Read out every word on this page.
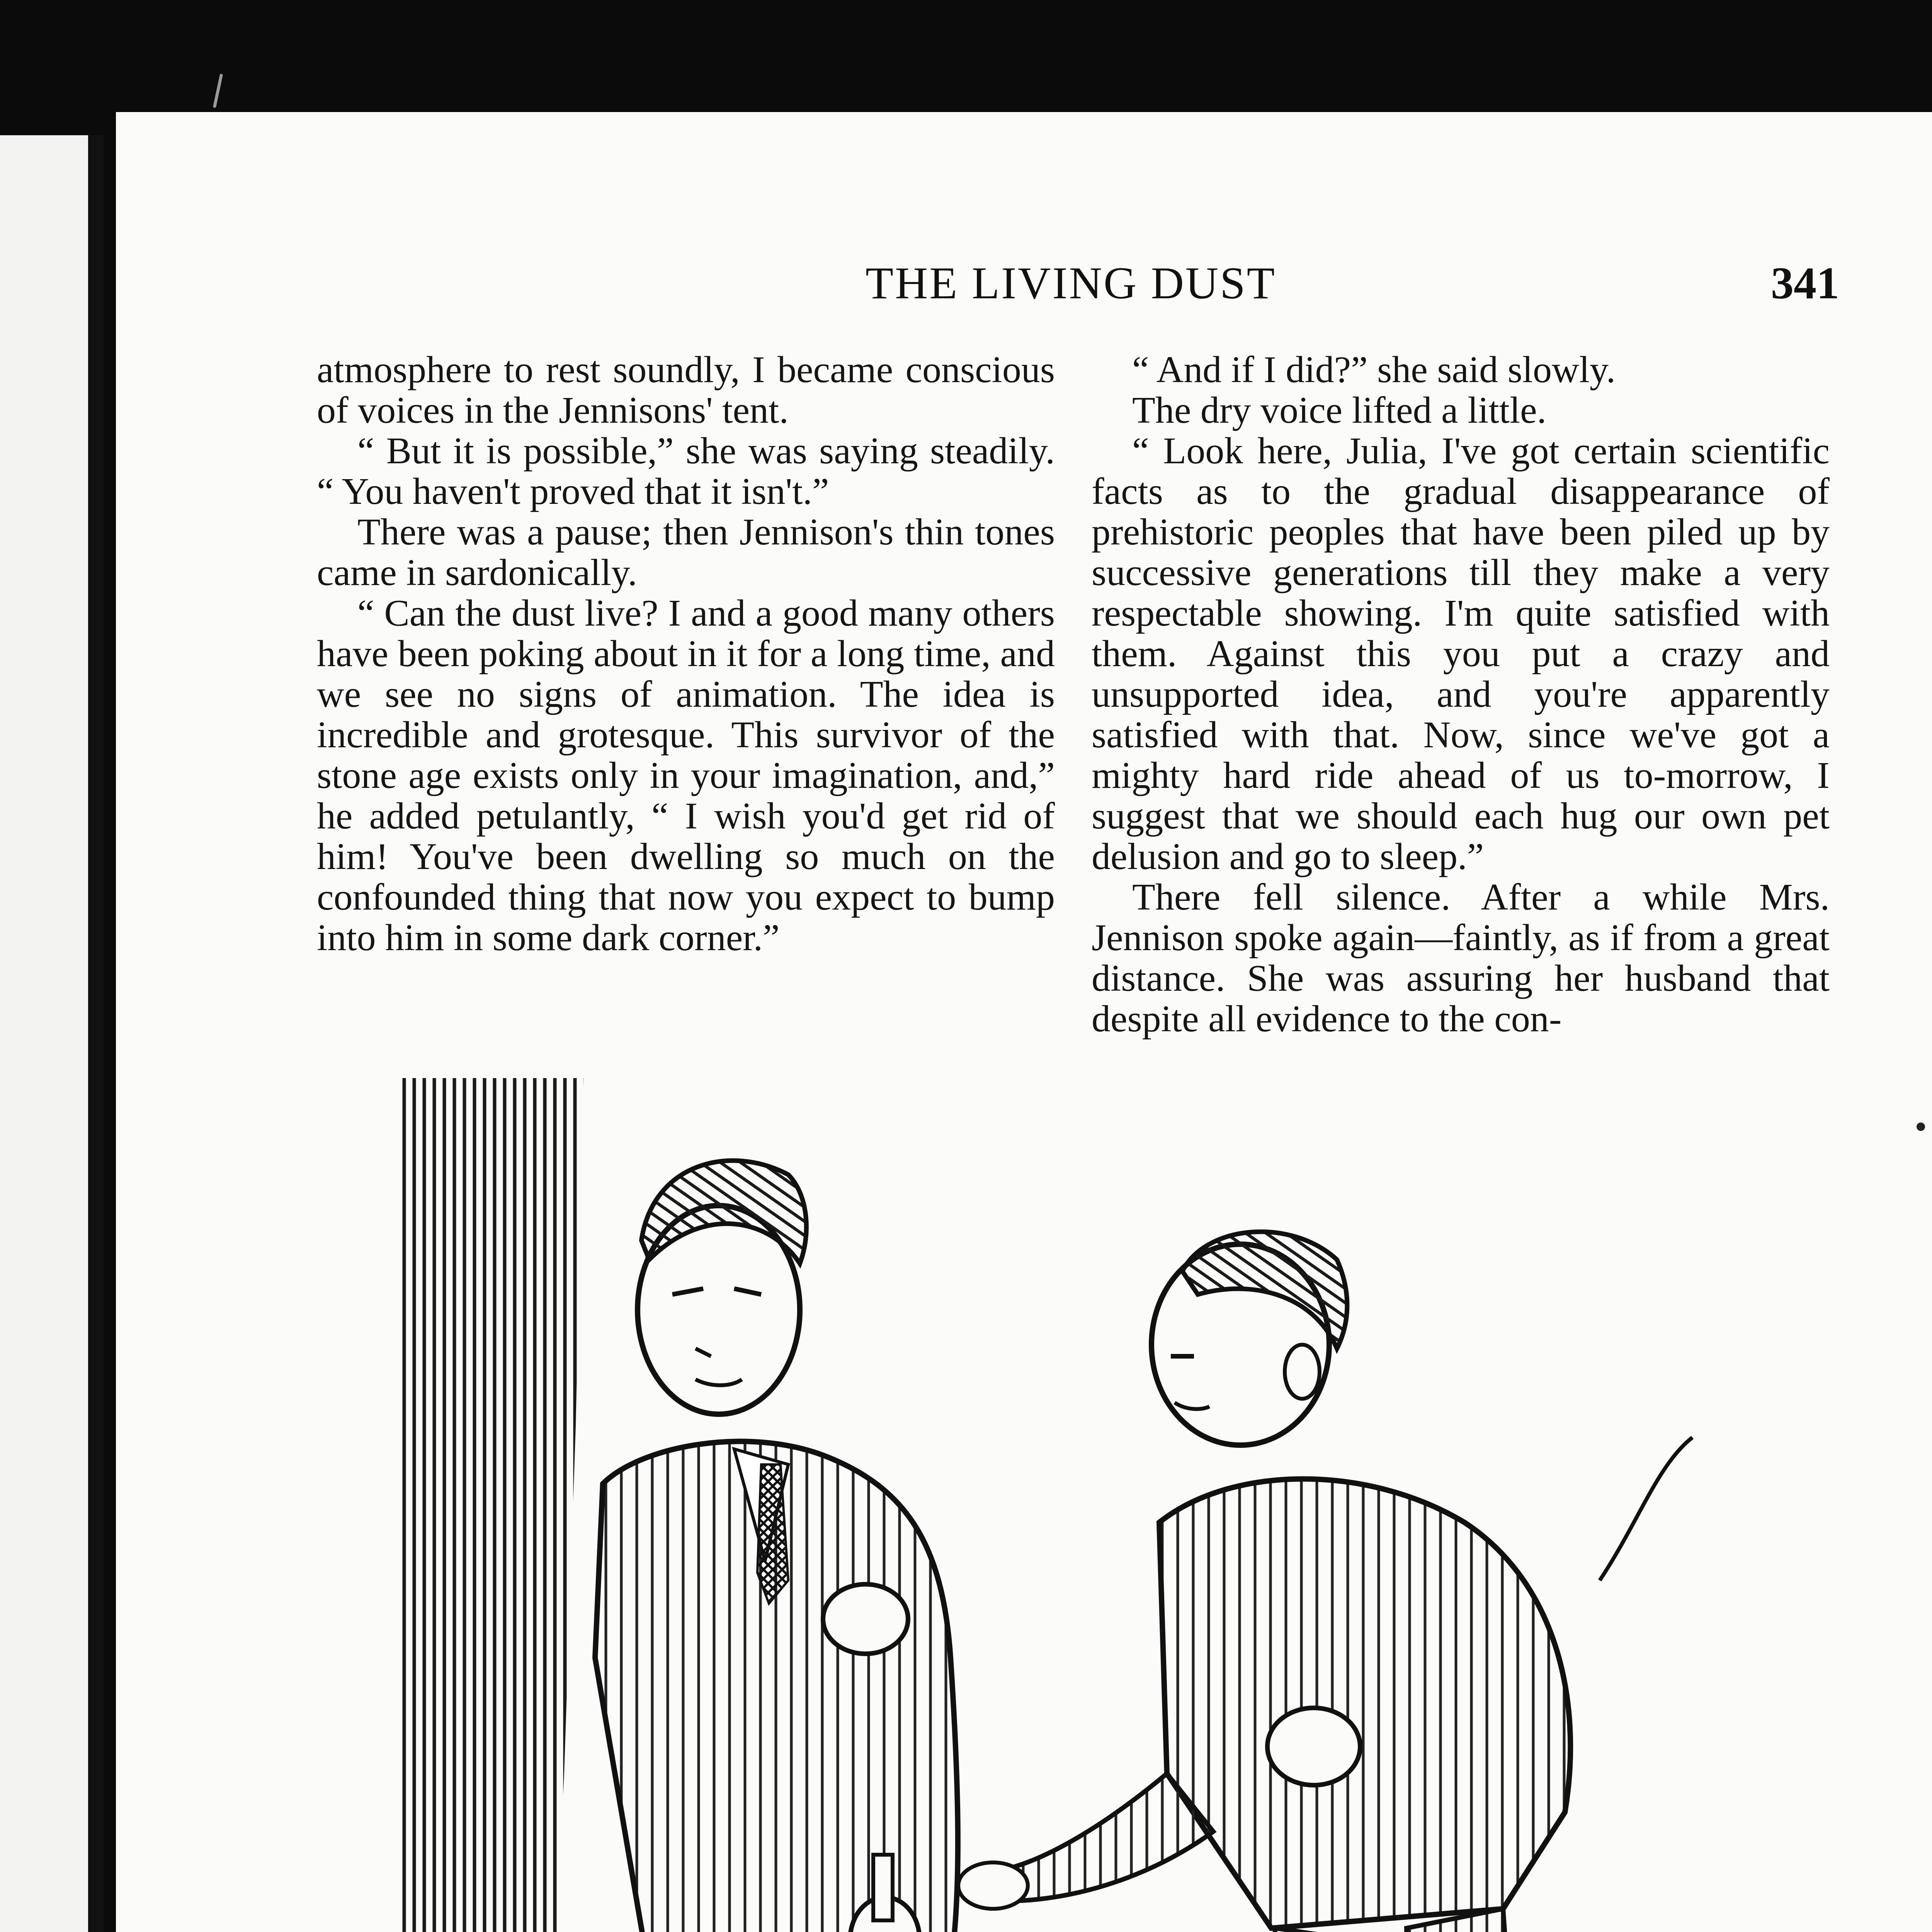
THE LIVING DUST	341

atmosphere to rest soundly, I became conscious of voices in the Jennisons' tent.

“ But it is possible,” she was saying steadily. “ You haven't proved that it isn't.”

There was a pause; then Jennison's thin tones came in sardonically.

“ Can the dust live? I and a good many others have been poking about in it for a long time, and we see no signs of animation. The idea is incredible and grotesque. This survivor of the stone age exists only in your imagination, and,” he added petulantly, “ I wish you'd get rid of him! You've been dwelling so much on the confounded thing that now you expect to bump into him in some dark corner.”

“ And if I did?” she said slowly.

The dry voice lifted a little.

“ Look here, Julia, I've got certain scientific facts as to the gradual disappearance of prehistoric peoples that have been piled up by successive generations till they make a very respectable showing. I'm quite satisfied with them. Against this you put a crazy and unsupported idea, and you're apparently satisfied with that. Now, since we've got a mighty hard ride ahead of us to-morrow, I suggest that we should each hug our own pet delusion and go to sleep.”

There fell silence. After a while Mrs. Jennison spoke again—faintly, as if from a great distance. She was assuring her husband that despite all evidence to the con-
